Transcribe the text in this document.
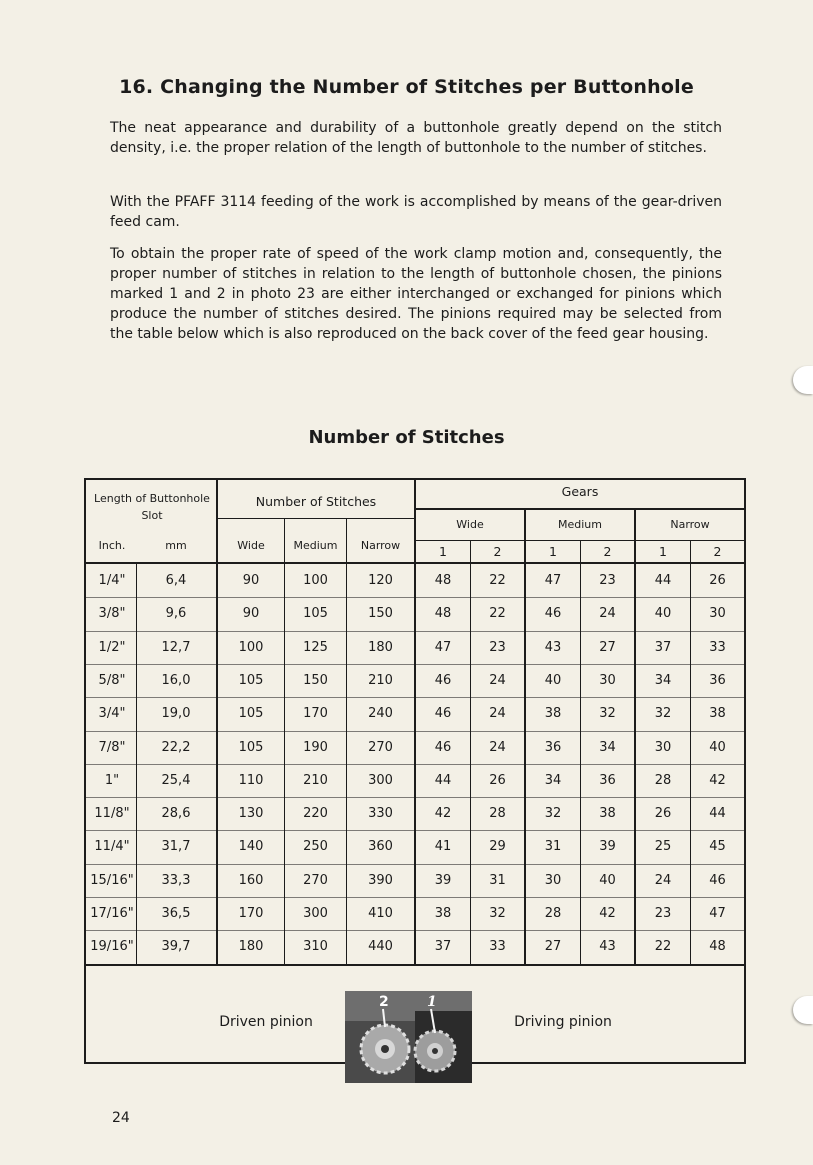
16. Changing the Number of Stitches per Buttonhole

The neat appearance and durability of a buttonhole greatly depend on the stitch density, i.e. the proper relation of the length of buttonhole to the number of stitches.

With the PFAFF 3114 feeding of the work is accomplished by means of the gear-driven feed cam.

To obtain the proper rate of speed of the work clamp motion and, consequently, the proper number of stitches in relation to the length of buttonhole chosen, the pinions marked 1 and 2 in photo 23 are either interchanged or exchanged for pinions which produce the number of stitches desired. The pinions required may be selected from the table below which is also reproduced on the back cover of the feed gear housing.

Number of Stitches
Length of Buttonhole Slot
Inch.	mm
Number of Stitches
Wide	Medium	Narrow
Gears
Wide	Medium	Narrow
1	2	1	2	1	2
1/4"	6,4	90	100	120	48	22	47	23	44	26
3/8"	9,6	90	105	150	48	22	46	24	40	30
1/2"	12,7	100	125	180	47	23	43	27	37	33
5/8"	16,0	105	150	210	46	24	40	30	34	36
3/4"	19,0	105	170	240	46	24	38	32	32	38
7/8"	22,2	105	190	270	46	24	36	34	30	40
1"	25,4	110	210	300	44	26	34	36	28	42
11/8"	28,6	130	220	330	42	28	32	38	26	44
11/4"	31,7	140	250	360	41	29	31	39	25	45
15/16"	33,3	160	270	390	39	31	30	40	24	46
17/16"	36,5	170	300	410	38	32	28	42	23	47
19/16"	39,7	180	310	440	37	33	27	43	22	48
Driven pinion	Driving pinion
2	1
24
